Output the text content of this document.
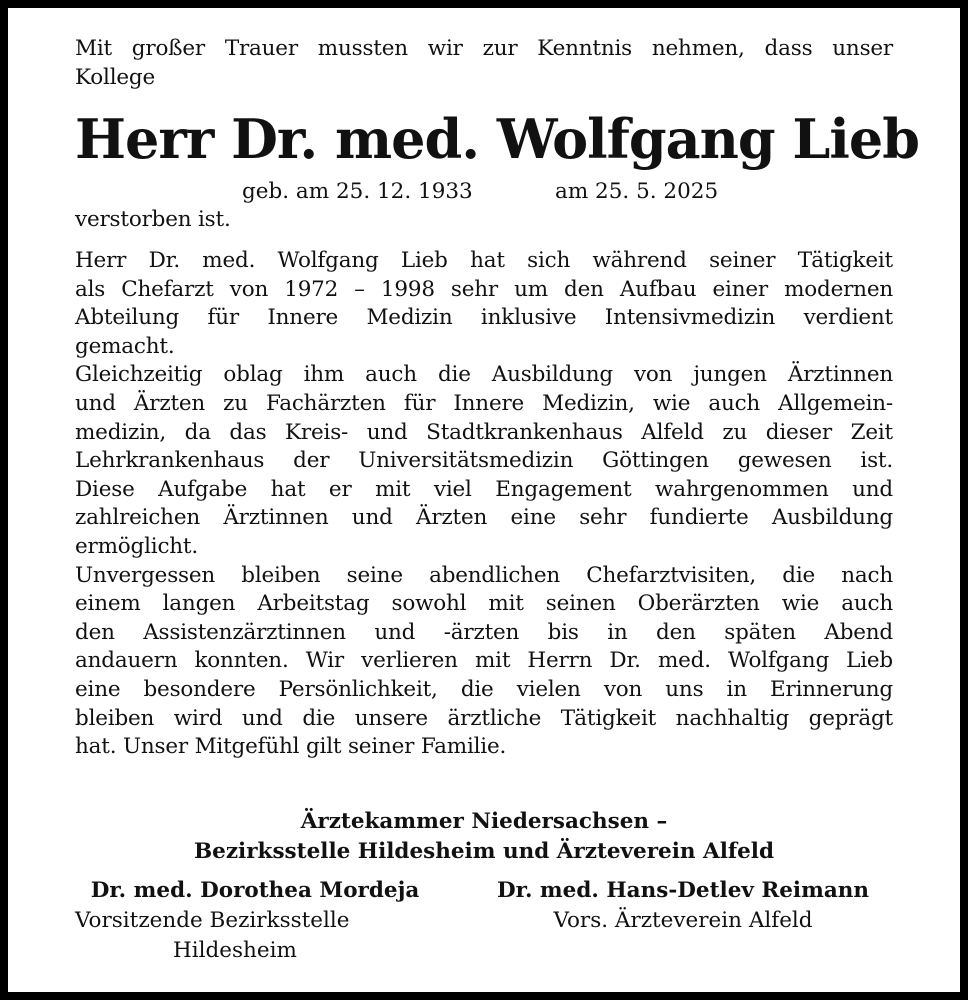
Mit großer Trauer mussten wir zur Kenntnis nehmen, dass unser
Kollege
Herr Dr. med. Wolfgang Lieb
geb. am 25. 12. 1933	am 25. 5. 2025
verstorben ist.
Herr Dr. med. Wolfgang Lieb hat sich während seiner Tätigkeit
als Chefarzt von 1972 – 1998 sehr um den Aufbau einer modernen
Abteilung für Innere Medizin inklusive Intensivmedizin verdient
gemacht.
Gleichzeitig oblag ihm auch die Ausbildung von jungen Ärztinnen
und Ärzten zu Fachärzten für Innere Medizin, wie auch Allgemein-
medizin, da das Kreis- und Stadtkrankenhaus Alfeld zu dieser Zeit
Lehrkrankenhaus der Universitätsmedizin Göttingen gewesen ist.
Diese Aufgabe hat er mit viel Engagement wahrgenommen und
zahlreichen Ärztinnen und Ärzten eine sehr fundierte Ausbildung
ermöglicht.
Unvergessen bleiben seine abendlichen Chefarztvisiten, die nach
einem langen Arbeitstag sowohl mit seinen Oberärzten wie auch
den Assistenzärztinnen und -ärzten bis in den späten Abend
andauern konnten. Wir verlieren mit Herrn Dr. med. Wolfgang Lieb
eine besondere Persönlichkeit, die vielen von uns in Erinnerung
bleiben wird und die unsere ärztliche Tätigkeit nachhaltig geprägt
hat. Unser Mitgefühl gilt seiner Familie.
Ärztekammer Niedersachsen –
Bezirksstelle Hildesheim und Ärzteverein Alfeld
Dr. med. Dorothea Mordeja
Vorsitzende Bezirksstelle
Hildesheim
Dr. med. Hans-Detlev Reimann
Vors. Ärzteverein Alfeld
